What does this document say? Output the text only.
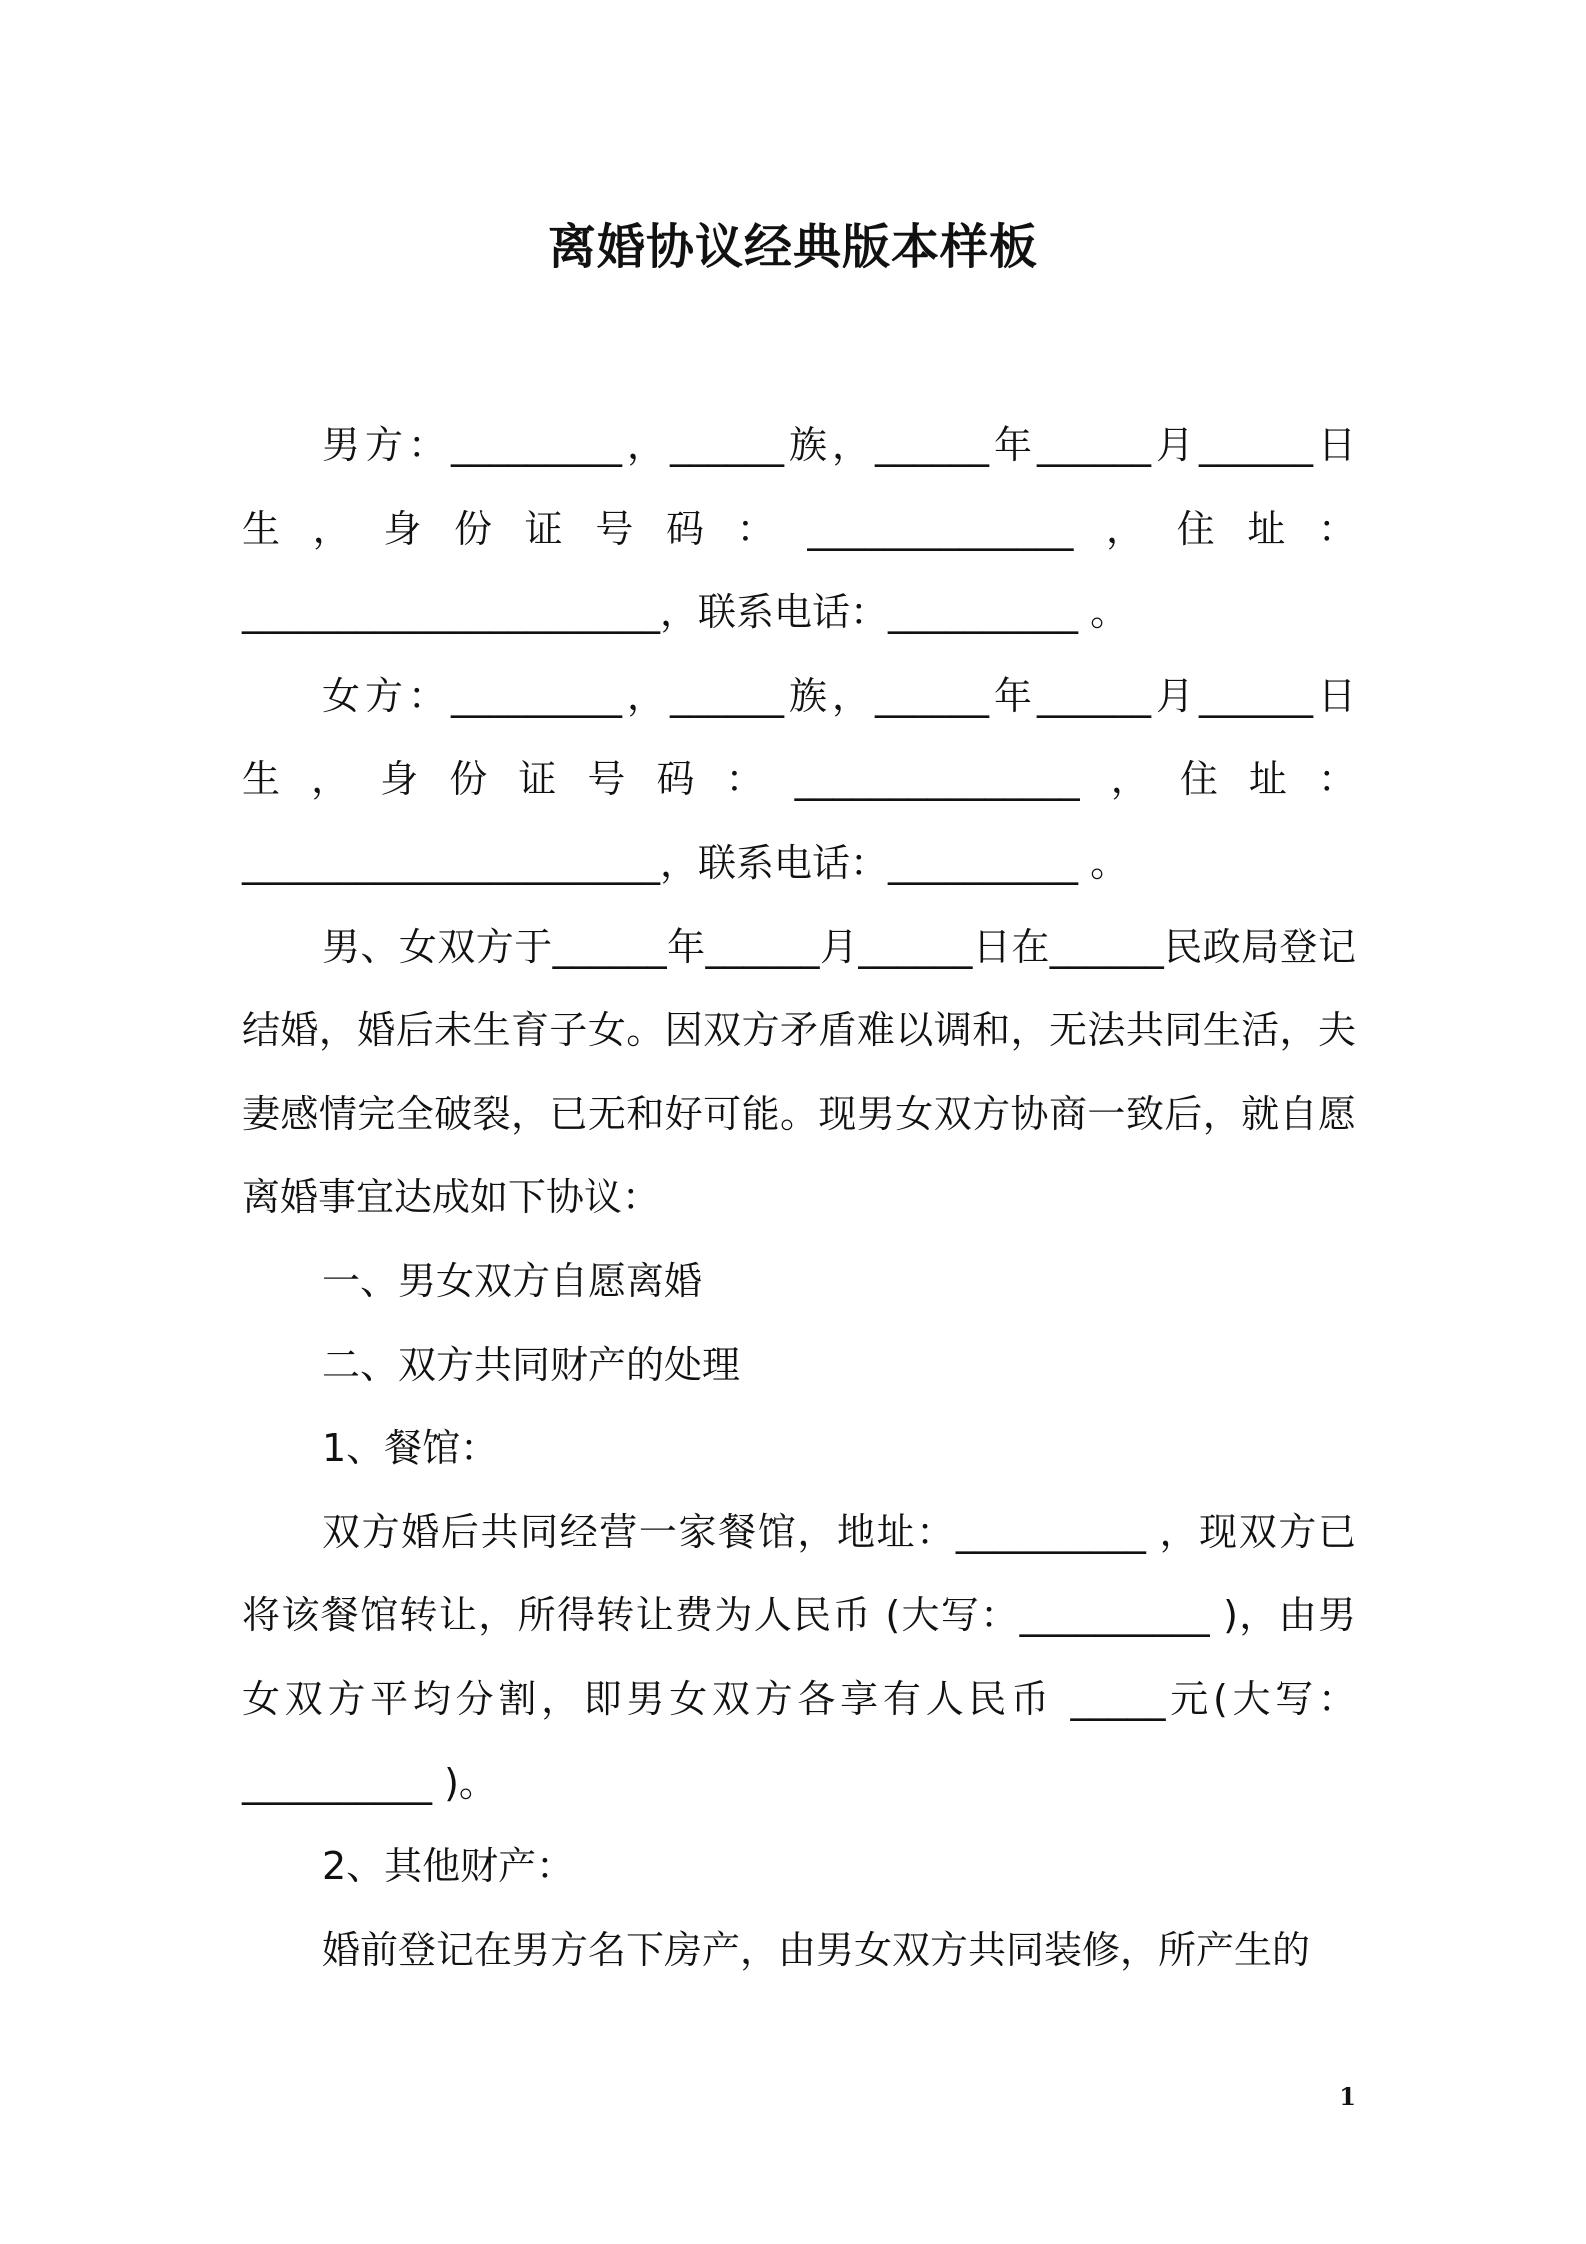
离婚协议经典版本样板

男方：_________，______族，______年______月______日生，身份证号码：______________，住址：______________________，联系电话：__________ 。

女方：_________，______族，______年______月______日生，身份证号码：_______________，住址：______________________，联系电话：__________ 。

男、女双方于______年______月______日在______民政局登记结婚，婚后未生育子女。因双方矛盾难以调和，无法共同生活，夫妻感情完全破裂，已无和好可能。现男女双方协商一致后，就自愿离婚事宜达成如下协议：

一、男女双方自愿离婚

二、双方共同财产的处理

1、餐馆：

双方婚后共同经营一家餐馆，地址：__________ ，现双方已将该餐馆转让，所得转让费为人民币 (大写：__________ )，由男女双方平均分割，即男女双方各享有人民币 _____元(大写：__________ )。

2、其他财产：

婚前登记在男方名下房产，由男女双方共同装修，所产生的

1
